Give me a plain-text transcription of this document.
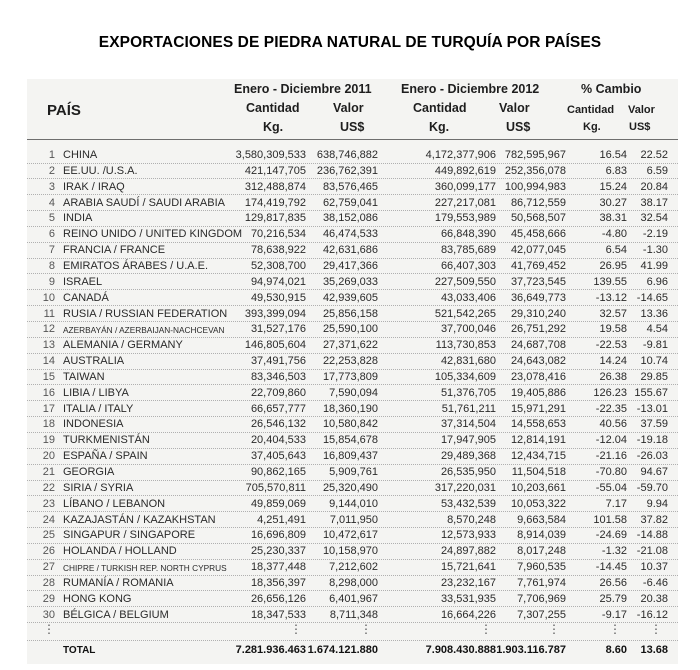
EXPORTACIONES DE PIEDRA NATURAL DE TURQUÍA POR PAÍSES
PAÍS
Enero - Diciembre 2011 Enero - Diciembre 2012	% Cambio
Cantidad	Valor	Cantidad	Valor	Cantidad Valor
Kg.	US$	Kg.	US$	Kg.	US$
1 CHINA	3,580,309,533 638,746,882	4,172,377,906 782,595,967	16.54 22.52
2 EE.UU. /U.S.A.	421,147,705 236,762,391	449,892,619 252,356,078	6.83 6.59
3 IRAK / IRAQ	312,488,874 83,576,465	360,099,177 100,994,983	15.24 20.84
4 ARABIA SAUDÍ / SAUDI ARABIA 174,419,792 62,759,041	227,217,081 86,712,559	30.27 38.17
5 INDIA	129,817,835 38,152,086	179,553,989 50,568,507	38.31 32.54
6 REINO UNIDO / UNITED KINGDOM 70,216,534 46,474,533	66,848,390 45,458,666	-4.80 -2.19
7 FRANCIA / FRANCE	78,638,922 42,631,686	83,785,689 42,077,045	6.54 -1.30
8 EMIRATOS ÁRABES / U.A.E.	52,308,700 29,417,366	66,407,303 41,769,452	26.95 41.99
9 ISRAEL	94,974,021 35,269,033	227,509,550 37,723,545 139.55 6.96
10 CANADÁ	49,530,915 42,939,605	43,033,406 36,649,773	-13.12 -14.65
11 RUSIA / RUSSIAN FEDERATION 393,399,094 25,856,158	521,542,265 29,310,240	32.57 13.36
12 AZERBAYÁN / AZERBAIJAN-NACHCEVAN 31,527,176 25,590,100	37,700,046 26,751,292	19.58 4.54
13 ALEMANIA / GERMANY	146,805,604 27,371,622	113,730,853 24,687,708	-22.53 -9.81
14 AUSTRALIA	37,491,756 22,253,828	42,831,680 24,643,082	14.24 10.74
15 TAIWAN	83,346,503 17,773,809	105,334,609 23,078,416	26.38 29.85
16 LIBIA / LIBYA	22,709,860 7,590,094	51,376,705 19,405,886 126.23 155.67
17 ITALIA / ITALY	66,657,777 18,360,190	51,761,211 15,971,291	-22.35 -13.01
18 INDONESIA	26,546,132 10,580,842	37,314,504 14,558,653	40.56 37.59
19 TURKMENISTÁN	20,404,533 15,854,678	17,947,905 12,814,191	-12.04 -19.18
20 ESPAÑA / SPAIN	37,405,643 16,809,437	29,489,368 12,434,715	-21.16 -26.03
21 GEORGIA	90,862,165 5,909,761	26,535,950 11,504,518	-70.80 94.67
22 SIRIA / SYRIA	705,570,811 25,320,490	317,220,031 10,203,661	-55.04 -59.70
23 LÍBANO / LEBANON	49,859,069 9,144,010	53,432,539 10,053,322	7.17 9.94
24 KAZAJASTÁN / KAZAKHSTAN	4,251,491 7,011,950	8,570,248 9,663,584 101.58 37.82
25 SINGAPUR / SINGAPORE	16,696,809 10,472,617	12,573,933 8,914,039	-24.69 -14.88
26 HOLANDA / HOLLAND	25,230,337 10,158,970	24,897,882 8,017,248	-1.32 -21.08
27 CHIPRE / TURKISH REP. NORTH CYPRUS 18,377,448 7,212,602	15,721,641 7,960,535	-14.45 10.37
28 RUMANÍA / ROMANIA	18,356,397 8,298,000	23,232,167 7,761,974	26.56 -6.46
29 HONG KONG	26,656,126 6,401,967	33,531,935 7,706,969	25.79 20.38
30 BÉLGICA / BELGIUM	18,347,533 8,711,348	16,664,226 7,307,255	-9.17 -16.12
⋮	⋮	⋮	⋮	⋮	⋮ ⋮
TOTAL	7.281.936.463 1.674.121.880	7.908.430.888 1.903.116.787	8.60 13.68
